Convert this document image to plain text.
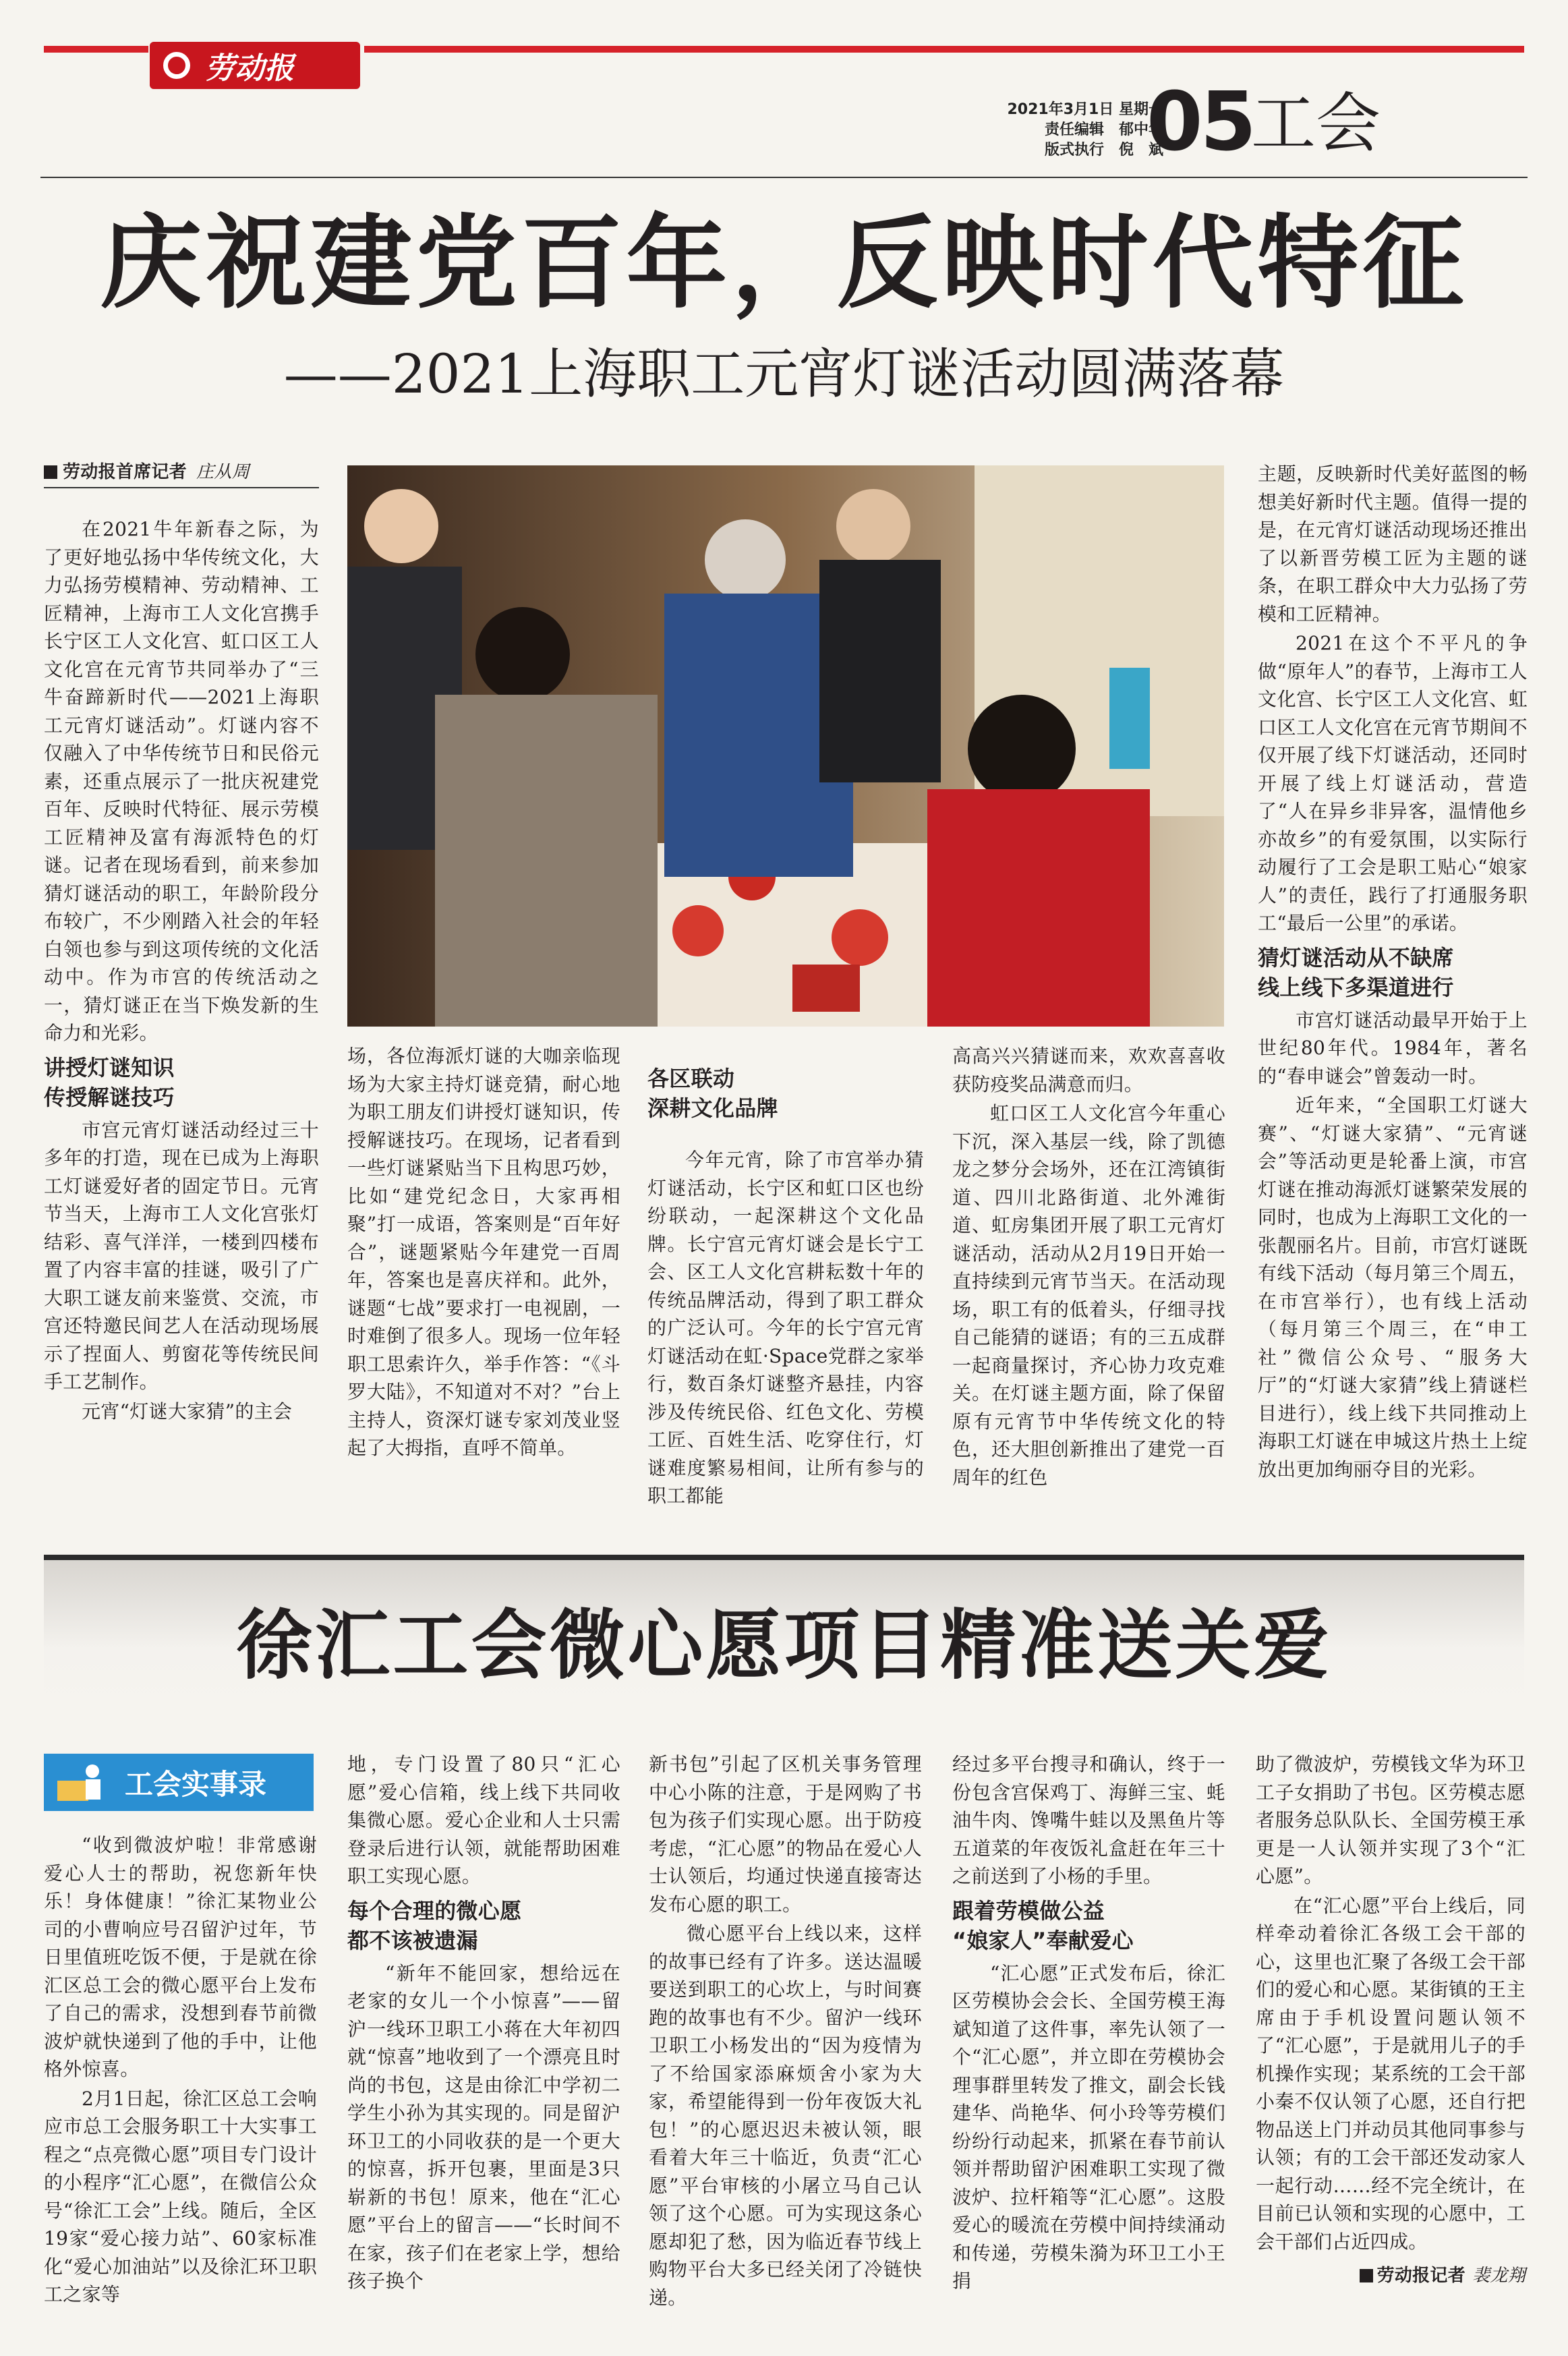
劳动报
2021年3月1日 星期一
责任编辑　郁中华
版式执行　倪　斌
05
工会
庆祝建党百年，反映时代特征
——2021上海职工元宵灯谜活动圆满落幕
劳动报首席记者 庄从周

在2021牛年新春之际，为了更好地弘扬中华传统文化，大力弘扬劳模精神、劳动精神、工匠精神，上海市工人文化宫携手长宁区工人文化宫、虹口区工人文化宫在元宵节共同举办了“三牛奋蹄新时代——2021上海职工元宵灯谜活动”。灯谜内容不仅融入了中华传统节日和民俗元素，还重点展示了一批庆祝建党百年、反映时代特征、展示劳模工匠精神及富有海派特色的灯谜。记者在现场看到，前来参加猜灯谜活动的职工，年龄阶段分布较广，不少刚踏入社会的年轻白领也参与到这项传统的文化活动中。作为市宫的传统活动之一，猜灯谜正在当下焕发新的生命力和光彩。

讲授灯谜知识
传授解谜技巧

市宫元宵灯谜活动经过三十多年的打造，现在已成为上海职工灯谜爱好者的固定节日。元宵节当天，上海市工人文化宫张灯结彩、喜气洋洋，一楼到四楼布置了内容丰富的挂谜，吸引了广大职工谜友前来鉴赏、交流，市宫还特邀民间艺人在活动现场展示了捏面人、剪窗花等传统民间手工艺制作。

元宵“灯谜大家猜”的主会

场，各位海派灯谜的大咖亲临现场为大家主持灯谜竞猜，耐心地为职工朋友们讲授灯谜知识，传授解谜技巧。在现场，记者看到一些灯谜紧贴当下且构思巧妙，比如“建党纪念日，大家再相聚”打一成语，答案则是“百年好合”，谜题紧贴今年建党一百周年，答案也是喜庆祥和。此外，谜题“七战”要求打一电视剧，一时难倒了很多人。现场一位年轻职工思索许久，举手作答：“《斗罗大陆》，不知道对不对？”台上主持人，资深灯谜专家刘茂业竖起了大拇指，直呼不简单。

各区联动
深耕文化品牌

今年元宵，除了市宫举办猜灯谜活动，长宁区和虹口区也纷纷联动，一起深耕这个文化品牌。长宁宫元宵灯谜会是长宁工会、区工人文化宫耕耘数十年的传统品牌活动，得到了职工群众的广泛认可。今年的长宁宫元宵灯谜活动在虹·Space党群之家举行，数百条灯谜整齐悬挂，内容涉及传统民俗、红色文化、劳模工匠、百姓生活、吃穿住行，灯谜难度繁易相间，让所有参与的职工都能

高高兴兴猜谜而来，欢欢喜喜收获防疫奖品满意而归。

虹口区工人文化宫今年重心下沉，深入基层一线，除了凯德龙之梦分会场外，还在江湾镇街道、四川北路街道、北外滩街道、虹房集团开展了职工元宵灯谜活动，活动从2月19日开始一直持续到元宵节当天。在活动现场，职工有的低着头，仔细寻找自己能猜的谜语；有的三五成群一起商量探讨，齐心协力攻克难关。在灯谜主题方面，除了保留原有元宵节中华传统文化的特色，还大胆创新推出了建党一百周年的红色

主题，反映新时代美好蓝图的畅想美好新时代主题。值得一提的是，在元宵灯谜活动现场还推出了以新晋劳模工匠为主题的谜条，在职工群众中大力弘扬了劳模和工匠精神。

2021在这个不平凡的争做“原年人”的春节，上海市工人文化宫、长宁区工人文化宫、虹口区工人文化宫在元宵节期间不仅开展了线下灯谜活动，还同时开展了线上灯谜活动，营造了“人在异乡非异客，温情他乡亦故乡”的有爱氛围，以实际行动履行了工会是职工贴心“娘家人”的责任，践行了打通服务职工“最后一公里”的承诺。

猜灯谜活动从不缺席
线上线下多渠道进行

市宫灯谜活动最早开始于上世纪80年代。1984年，著名的“春申谜会”曾轰动一时。

近年来，“全国职工灯谜大赛”、“灯谜大家猜”、“元宵谜会”等活动更是轮番上演，市宫灯谜在推动海派灯谜繁荣发展的同时，也成为上海职工文化的一张靓丽名片。目前，市宫灯谜既有线下活动（每月第三个周五，在市宫举行），也有线上活动（每月第三个周三，在“申工社”微信公众号、“服务大厅”的“灯谜大家猜”线上猜谜栏目进行），线上线下共同推动上海职工灯谜在申城这片热土上绽放出更加绚丽夺目的光彩。

徐汇工会微心愿项目精准送关爱
工会实事录

“收到微波炉啦！非常感谢爱心人士的帮助，祝您新年快乐！身体健康！”徐汇某物业公司的小曹响应号召留沪过年，节日里值班吃饭不便，于是就在徐汇区总工会的微心愿平台上发布了自己的需求，没想到春节前微波炉就快递到了他的手中，让他格外惊喜。

2月1日起，徐汇区总工会响应市总工会服务职工十大实事工程之“点亮微心愿”项目专门设计的小程序“汇心愿”，在微信公众号“徐汇工会”上线。随后，全区19家“爱心接力站”、60家标准化“爱心加油站”以及徐汇环卫职工之家等

地，专门设置了80只“汇心愿”爱心信箱，线上线下共同收集微心愿。爱心企业和人士只需登录后进行认领，就能帮助困难职工实现心愿。

每个合理的微心愿
都不该被遗漏

“新年不能回家，想给远在老家的女儿一个小惊喜”——留沪一线环卫职工小蒋在大年初四就“惊喜”地收到了一个漂亮且时尚的书包，这是由徐汇中学初二学生小孙为其实现的。同是留沪环卫工的小同收获的是一个更大的惊喜，拆开包裹，里面是3只崭新的书包！原来，他在“汇心愿”平台上的留言——“长时间不在家，孩子们在老家上学，想给孩子换个

新书包”引起了区机关事务管理中心小陈的注意，于是网购了书包为孩子们实现心愿。出于防疫考虑，“汇心愿”的物品在爱心人士认领后，均通过快递直接寄达发布心愿的职工。

微心愿平台上线以来，这样的故事已经有了许多。送达温暖要送到职工的心坎上，与时间赛跑的故事也有不少。留沪一线环卫职工小杨发出的“因为疫情为了不给国家添麻烦舍小家为大家，希望能得到一份年夜饭大礼包！”的心愿迟迟未被认领，眼看着大年三十临近，负责“汇心愿”平台审核的小屠立马自己认领了这个心愿。可为实现这条心愿却犯了愁，因为临近春节线上购物平台大多已经关闭了冷链快递。

经过多平台搜寻和确认，终于一份包含宫保鸡丁、海鲜三宝、蚝油牛肉、馋嘴牛蛙以及黑鱼片等五道菜的年夜饭礼盒赶在年三十之前送到了小杨的手里。

跟着劳模做公益
“娘家人”奉献爱心

“汇心愿”正式发布后，徐汇区劳模协会会长、全国劳模王海斌知道了这件事，率先认领了一个“汇心愿”，并立即在劳模协会理事群里转发了推文，副会长钱建华、尚艳华、何小玲等劳模们纷纷行动起来，抓紧在春节前认领并帮助留沪困难职工实现了微波炉、拉杆箱等“汇心愿”。这股爱心的暖流在劳模中间持续涌动和传递，劳模朱漪为环卫工小王捐

助了微波炉，劳模钱文华为环卫工子女捐助了书包。区劳模志愿者服务总队队长、全国劳模王承更是一人认领并实现了3个“汇心愿”。

在“汇心愿”平台上线后，同样牵动着徐汇各级工会干部的心，这里也汇聚了各级工会干部们的爱心和心愿。某街镇的王主席由于手机设置问题认领不了“汇心愿”，于是就用儿子的手机操作实现；某系统的工会干部小秦不仅认领了心愿，还自行把物品送上门并动员其他同事参与认领；有的工会干部还发动家人一起行动……经不完全统计，在目前已认领和实现的心愿中，工会干部们占近四成。

劳动报记者 裴龙翔
